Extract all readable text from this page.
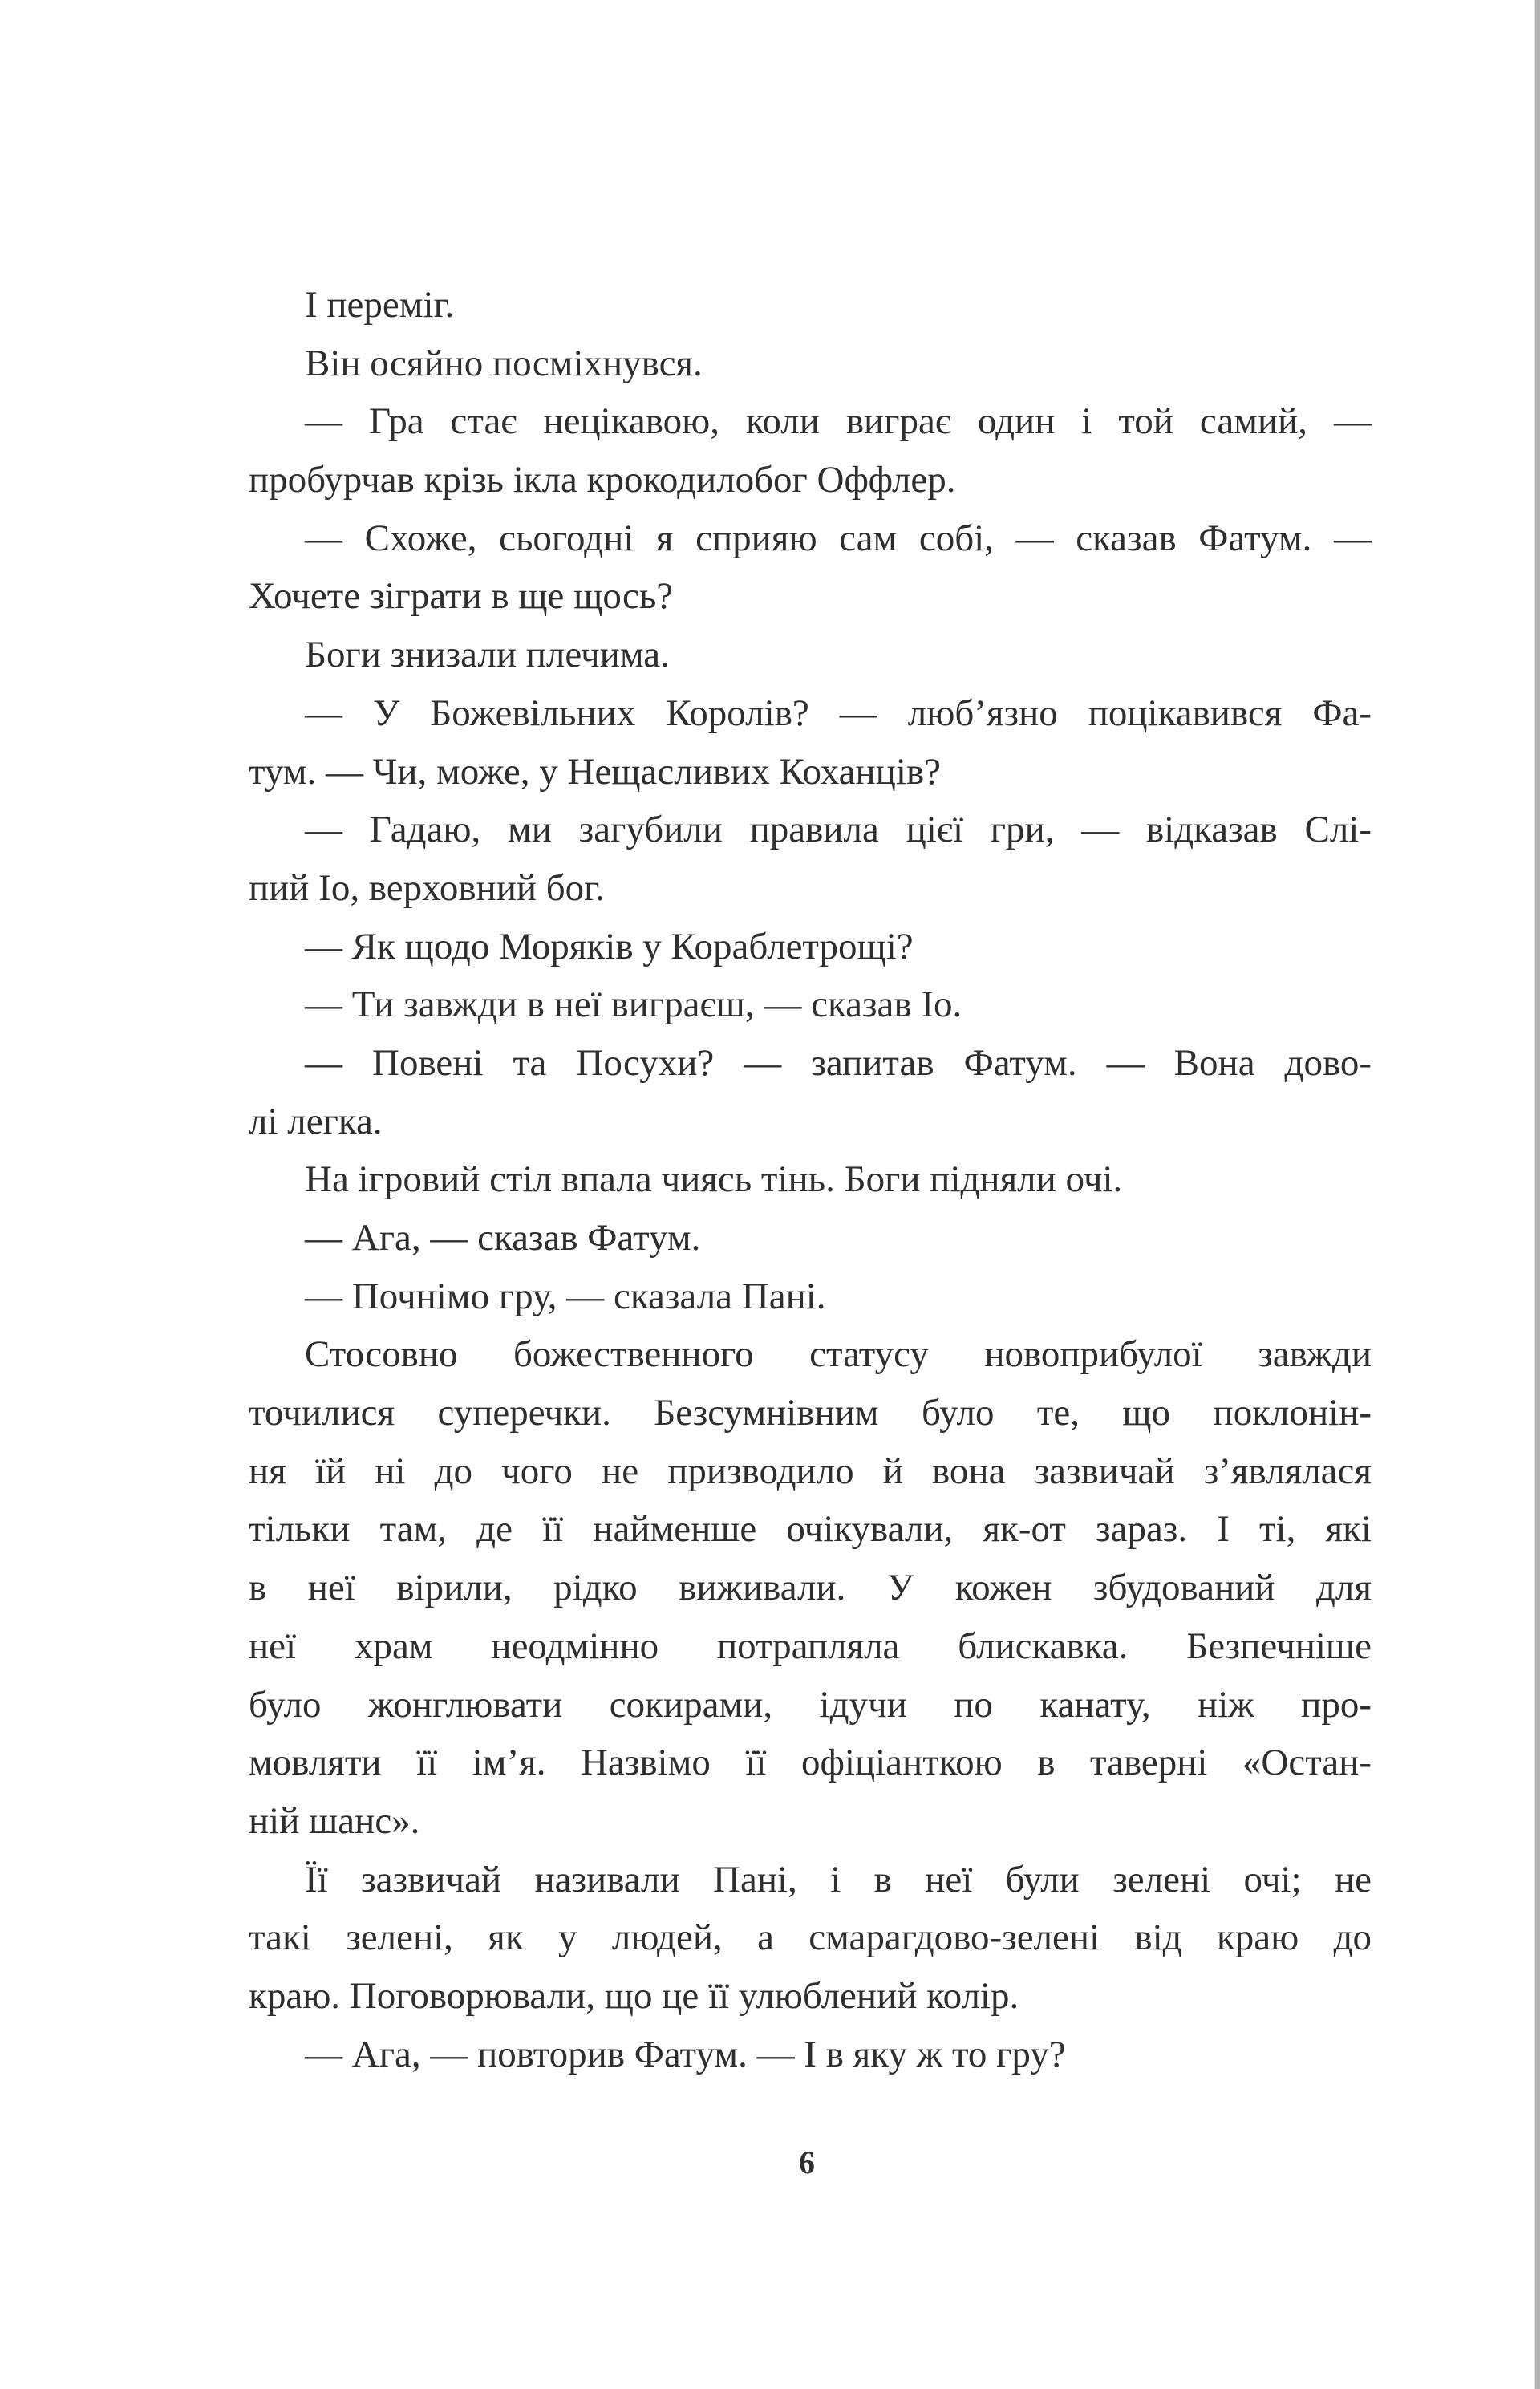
І переміг.
Він осяйно посміхнувся.
— Гра стає нецікавою, коли виграє один і той самий, —
пробурчав крізь ікла крокодилобог Оффлер.
— Схоже, сьогодні я сприяю сам собі, — сказав Фатум. —
Хочете зіграти в ще щось?
Боги знизали плечима.
— У Божевільних Королів? — люб’язно поцікавився Фа-
тум. — Чи, може, у Нещасливих Коханців?
— Гадаю, ми загубили правила цієї гри, — відказав Слі-
пий Іо, верховний бог.
— Як щодо Моряків у Кораблетрощі?
— Ти завжди в неї виграєш, — сказав Іо.
— Повені та Посухи? — запитав Фатум. — Вона дово-
лі легка.
На ігровий стіл впала чиясь тінь. Боги підняли очі.
— Ага, — сказав Фатум.
— Почнімо гру, — сказала Пані.
Стосовно божественного статусу новоприбулої завжди
точилися суперечки. Безсумнівним було те, що поклонін-
ня їй ні до чого не призводило й вона зазвичай з’являлася
тільки там, де її найменше очікували, як-от зараз. І ті, які
в неї вірили, рідко виживали. У кожен збудований для
неї храм неодмінно потрапляла блискавка. Безпечніше
було жонглювати сокирами, ідучи по канату, ніж про-
мовляти її ім’я. Назвімо її офіціанткою в таверні «Остан-
ній шанс».
Її зазвичай називали Пані, і в неї були зелені очі; не
такі зелені, як у людей, а смарагдово-зелені від краю до
краю. Поговорювали, що це її улюблений колір.
— Ага, — повторив Фатум. — І в яку ж то гру?
6
